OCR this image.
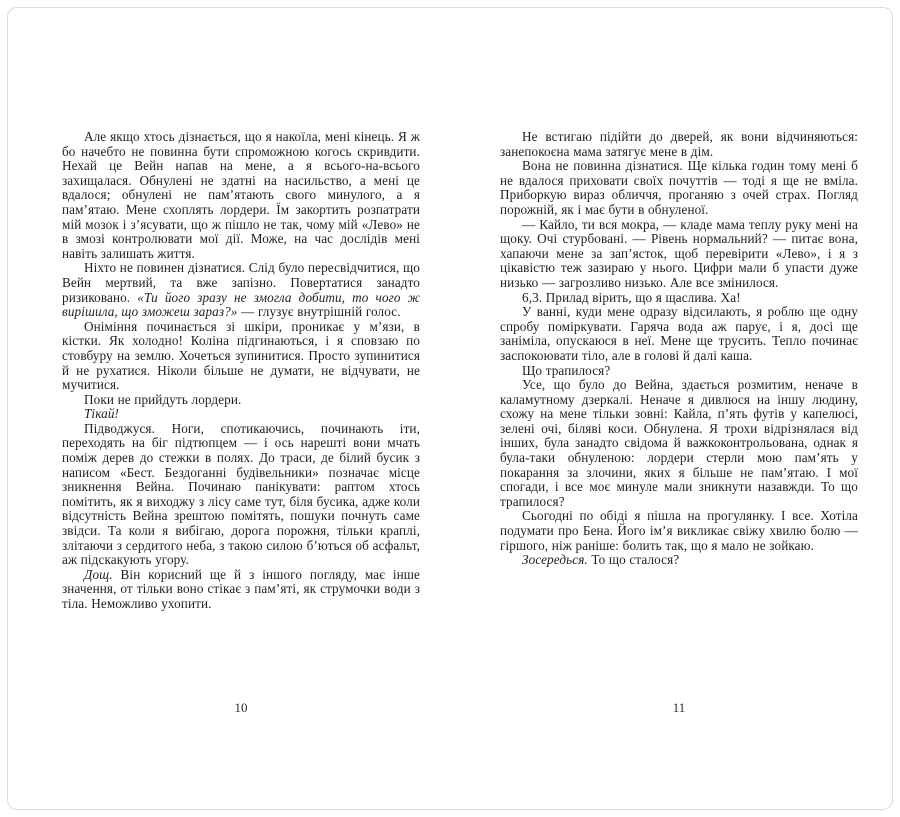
Але якщо хтось дізнається, що я накоїла, мені кінець. Я ж бо начебто не повинна бути спроможною когось скривдити. Нехай це Вейн напав на мене, а я всього-на-всього захищалася. Обнулені не здатні на насильство, а мені це вдалося; обнулені не пам’ятають свого минулого, а я пам’ятаю. Мене схоплять лордери. Їм закортить розпатрати мій мозок і з’ясувати, що ж пішло не так, чому мій «Лево» не в змозі контролювати мої дії. Може, на час дослідів мені навіть залишать життя.

Ніхто не повинен дізнатися. Слід було пересвідчитися, що Вейн мертвий, та вже запізно. Повертатися занадто ризиковано. «Ти його зразу не змогла добити, то чого ж вирішила, що зможеш зараз?» — глузує внутрішній голос.

Оніміння починається зі шкіри, проникає у м’язи, в кістки. Як холодно! Коліна підгинаються, і я сповзаю по стовбуру на землю. Хочеться зупинитися. Просто зупинитися й не рухатися. Ніколи більше не думати, не відчувати, не мучитися.

Поки не прийдуть лордери.

Тікай!

Підводжуся. Ноги, спотикаючись, починають іти, переходять на біг підтюпцем — і ось нарешті вони мчать поміж дерев до стежки в полях. До траси, де білий бусик з написом «Бест. Бездоганні будівельники» позначає місце зникнення Вейна. Починаю панікувати: раптом хтось помітить, як я виходжу з лісу саме тут, біля бусика, адже коли відсутність Вейна зрештою помітять, пошуки почнуть саме звідси. Та коли я вибігаю, дорога порожня, тільки краплі, злітаючи з сердитого неба, з такою силою б’ються об асфальт, аж підскакують угору.

Дощ. Він корисний ще й з іншого погляду, має інше значення, от тільки воно стікає з пам’яті, як струмочки води з тіла. Неможливо ухопити.

Не встигаю підійти до дверей, як вони відчиняються: занепокоєна мама затягує мене в дім.

Вона не повинна дізнатися. Ще кілька годин тому мені б не вдалося приховати своїх почуттів — тоді я ще не вміла. Приборкую вираз обличчя, проганяю з очей страх. Погляд порожній, як і має бути в обнуленої.

— Кайло, ти вся мокра, — кладе мама теплу руку мені на щоку. Очі стурбовані. — Рівень нормальний? — питає вона, хапаючи мене за зап’ясток, щоб перевірити «Лево», і я з цікавістю теж зазираю у нього. Цифри мали б упасти дуже низько — загрозливо низько. Але все змінилося.

6,3. Прилад вірить, що я щаслива. Ха!

У ванні, куди мене одразу відсилають, я роблю ще одну спробу поміркувати. Гаряча вода аж парує, і я, досі ще заніміла, опускаюся в неї. Мене ще трусить. Тепло починає заспокоювати тіло, але в голові й далі каша.

Що трапилося?

Усе, що було до Вейна, здається розмитим, неначе в каламутному дзеркалі. Неначе я дивлюся на іншу людину, схожу на мене тільки зовні: Кайла, п’ять футів у капелюсі, зелені очі, біляві коси. Обнулена. Я трохи відрізнялася від інших, була занадто свідома й важкоконтрольована, однак я була-таки обнуленою: лордери стерли мою пам’ять у покарання за злочини, яких я більше не пам’ятаю. І мої спогади, і все моє минуле мали зникнути назавжди. То що трапилося?

Сьогодні по обіді я пішла на прогулянку. І все. Хотіла подумати про Бена. Його ім’я викликає свіжу хвилю болю — гіршого, ніж раніше: болить так, що я мало не зойкаю.

Зосередься. То що сталося?

10	11
